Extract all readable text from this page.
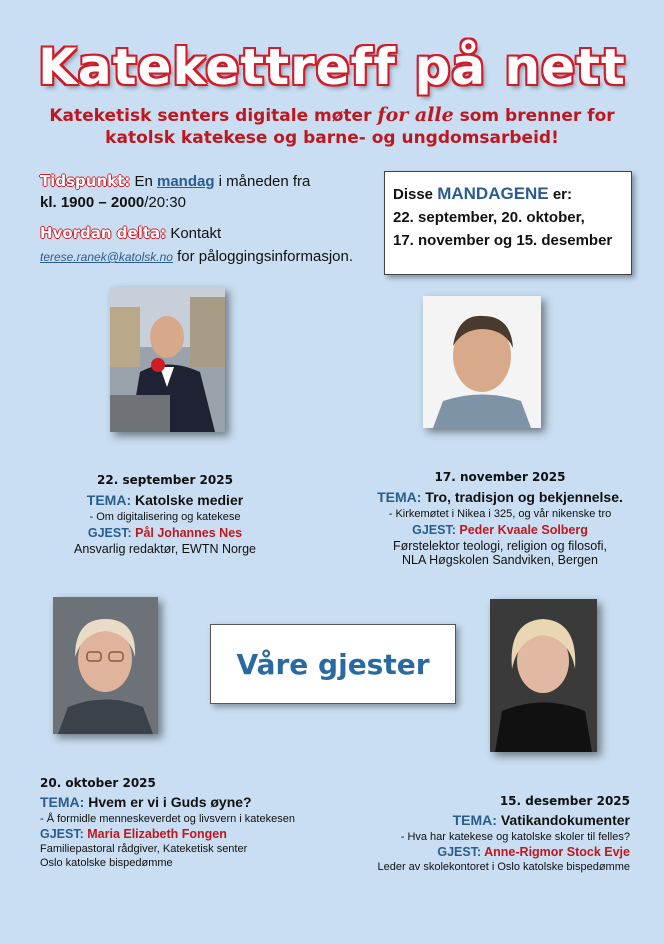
Katekettreff på nett
Kateketisk senters digitale møter for alle som brenner for
katolsk katekese og barne- og ungdomsarbeid!
Tidspunkt: En mandag i måneden fra
kl. 1900 – 2000/20:30
Hvordan delta: Kontakt
terese.ranek@katolsk.no for påloggingsinformasjon.
Disse MANDAGENE er:
22. september, 20. oktober,
17. november og 15. desember
22. september 2025
TEMA: Katolske medier
- Om digitalisering og katekese
GJEST: Pål Johannes Nes
Ansvarlig redaktør, EWTN Norge
17. november 2025
TEMA: Tro, tradisjon og bekjennelse.
- Kirkemøtet i Nikea i 325, og vår nikenske tro
GJEST: Peder Kvaale Solberg
Førstelektor teologi, religion og filosofi,
NLA Høgskolen Sandviken, Bergen
Våre gjester
20. oktober 2025
TEMA: Hvem er vi i Guds øyne?
- Å formidle menneskeverdet og livsvern i katekesen
GJEST: Maria Elizabeth Fongen
Familiepastoral rådgiver, Kateketisk senter
Oslo katolske bispedømme
15. desember 2025
TEMA: Vatikandokumenter
- Hva har katekese og katolske skoler til felles?
GJEST: Anne-Rigmor Stock Evje
Leder av skolekontoret i Oslo katolske bispedømme
